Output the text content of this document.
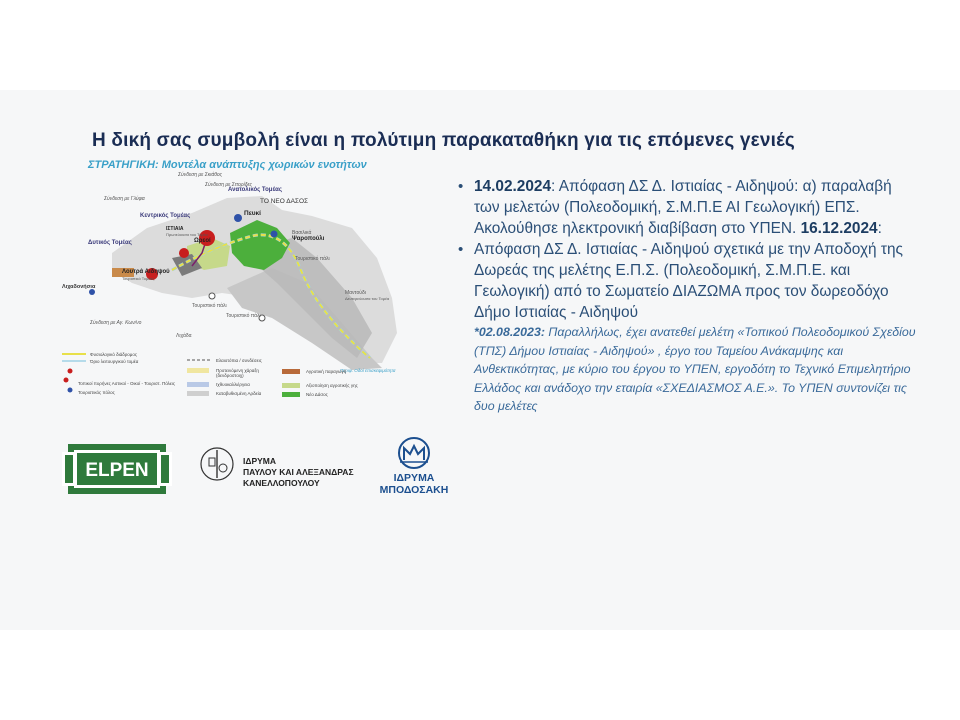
Η δική σας συμβολή είναι η πολύτιμη παρακαταθήκη για τις επόμενες γενιές
ΣΤΡΑΤΗΓΙΚΗ: Μοντέλα ανάπτυξης χωρικών ενοτήτων
Σύνδεση με Σκιάθος
Σύνδεση με Σπορίδες
Ανατολικός Τομέας
Σύνδεση με Γλύφα	ΤΟ ΝΕΟ ΔΑΣΟΣ
Κεντρικός Τομέας	Πευκί
ΙΣΤΙΑΙΑ
Πρωτεύουσα του Τομέα	Βασιλικά
Ψαροπούλι
Ωρεοί
Δυτικός Τομέας
Τουριστικό πάλι
Λιχαδονήσια
Λουτρά Αιδηψού
Τουριστικό Τομέας
Μαντούδι
Δευτερεύουσα του Τομέα
Τουριστικό πάλι
Σύνδεση με Αγ. Κων/νο
Τουριστικό πάλι
Λιχάδα
Περιφ. Οδοί επισκεψιμότητα
Φυσιολογικό διάδρομος
Όριο λειτουργικού τομέα
Τοπικοί πυρήνες Αστικοί - Οικοί - Τουριστ. Πόλεις
Τουριστικός πόλος
Ελαιοτόπια / συνδέσεις
Προτεινόμενη χάραξη (δενδροστοιχ)
Ιχθυοκαλλιέργεια
Καταβυθισμένη Αρδεία
Αγροτική παραγωγή
Αξιοποίηση αγροτικής γης
Νέο Δάσος
ELPEN	ΙΔΡΥΜΑ
ΠΑΥΛΟΥ ΚΑΙ ΑΛΕΞΑΝΔΡΑΣ
ΚΑΝΕΛΛΟΠΟΥΛΟΥ	ΙΔΡΥΜΑ
ΜΠΟΔΟΣΑΚΗ
• 14.02.2024: Απόφαση ΔΣ Δ. Ιστιαίας - Αιδηψού: α) παραλαβή των μελετών (Πολεοδομική, Σ.Μ.Π.Ε ΑΙ Γεωλογική) ΕΠΣ. Ακολούθησε ηλεκτρονική διαβίβαση στο ΥΠΕΝ. 16.12.2024:
• Απόφαση ΔΣ Δ. Ιστιαίας - Αιδηψού σχετικά με την Αποδοχή της Δωρεάς της μελέτης Ε.Π.Σ. (Πολεοδομική, Σ.Μ.Π.Ε. και Γεωλογική) από το Σωματείο ΔΙΑΖΩΜΑ προς τον δωρεοδόχο Δήμο Ιστιαίας - Αιδηψού
*02.08.2023: Παραλλήλως, έχει ανατεθεί μελέτη «Τοπικού Πολεοδομικού Σχεδίου (ΤΠΣ) Δήμου Ιστιαίας - Αιδηψού» , έργο του Ταμείου Ανάκαμψης και Ανθεκτικότητας, με κύριο του έργου το ΥΠΕΝ, εργοδότη το Τεχνικό Επιμελητήριο Ελλάδος και ανάδοχο την εταιρία «ΣΧΕΔΙΑΣΜΟΣ Α.Ε.». Το ΥΠΕΝ συντονίζει τις δυο μελέτες
